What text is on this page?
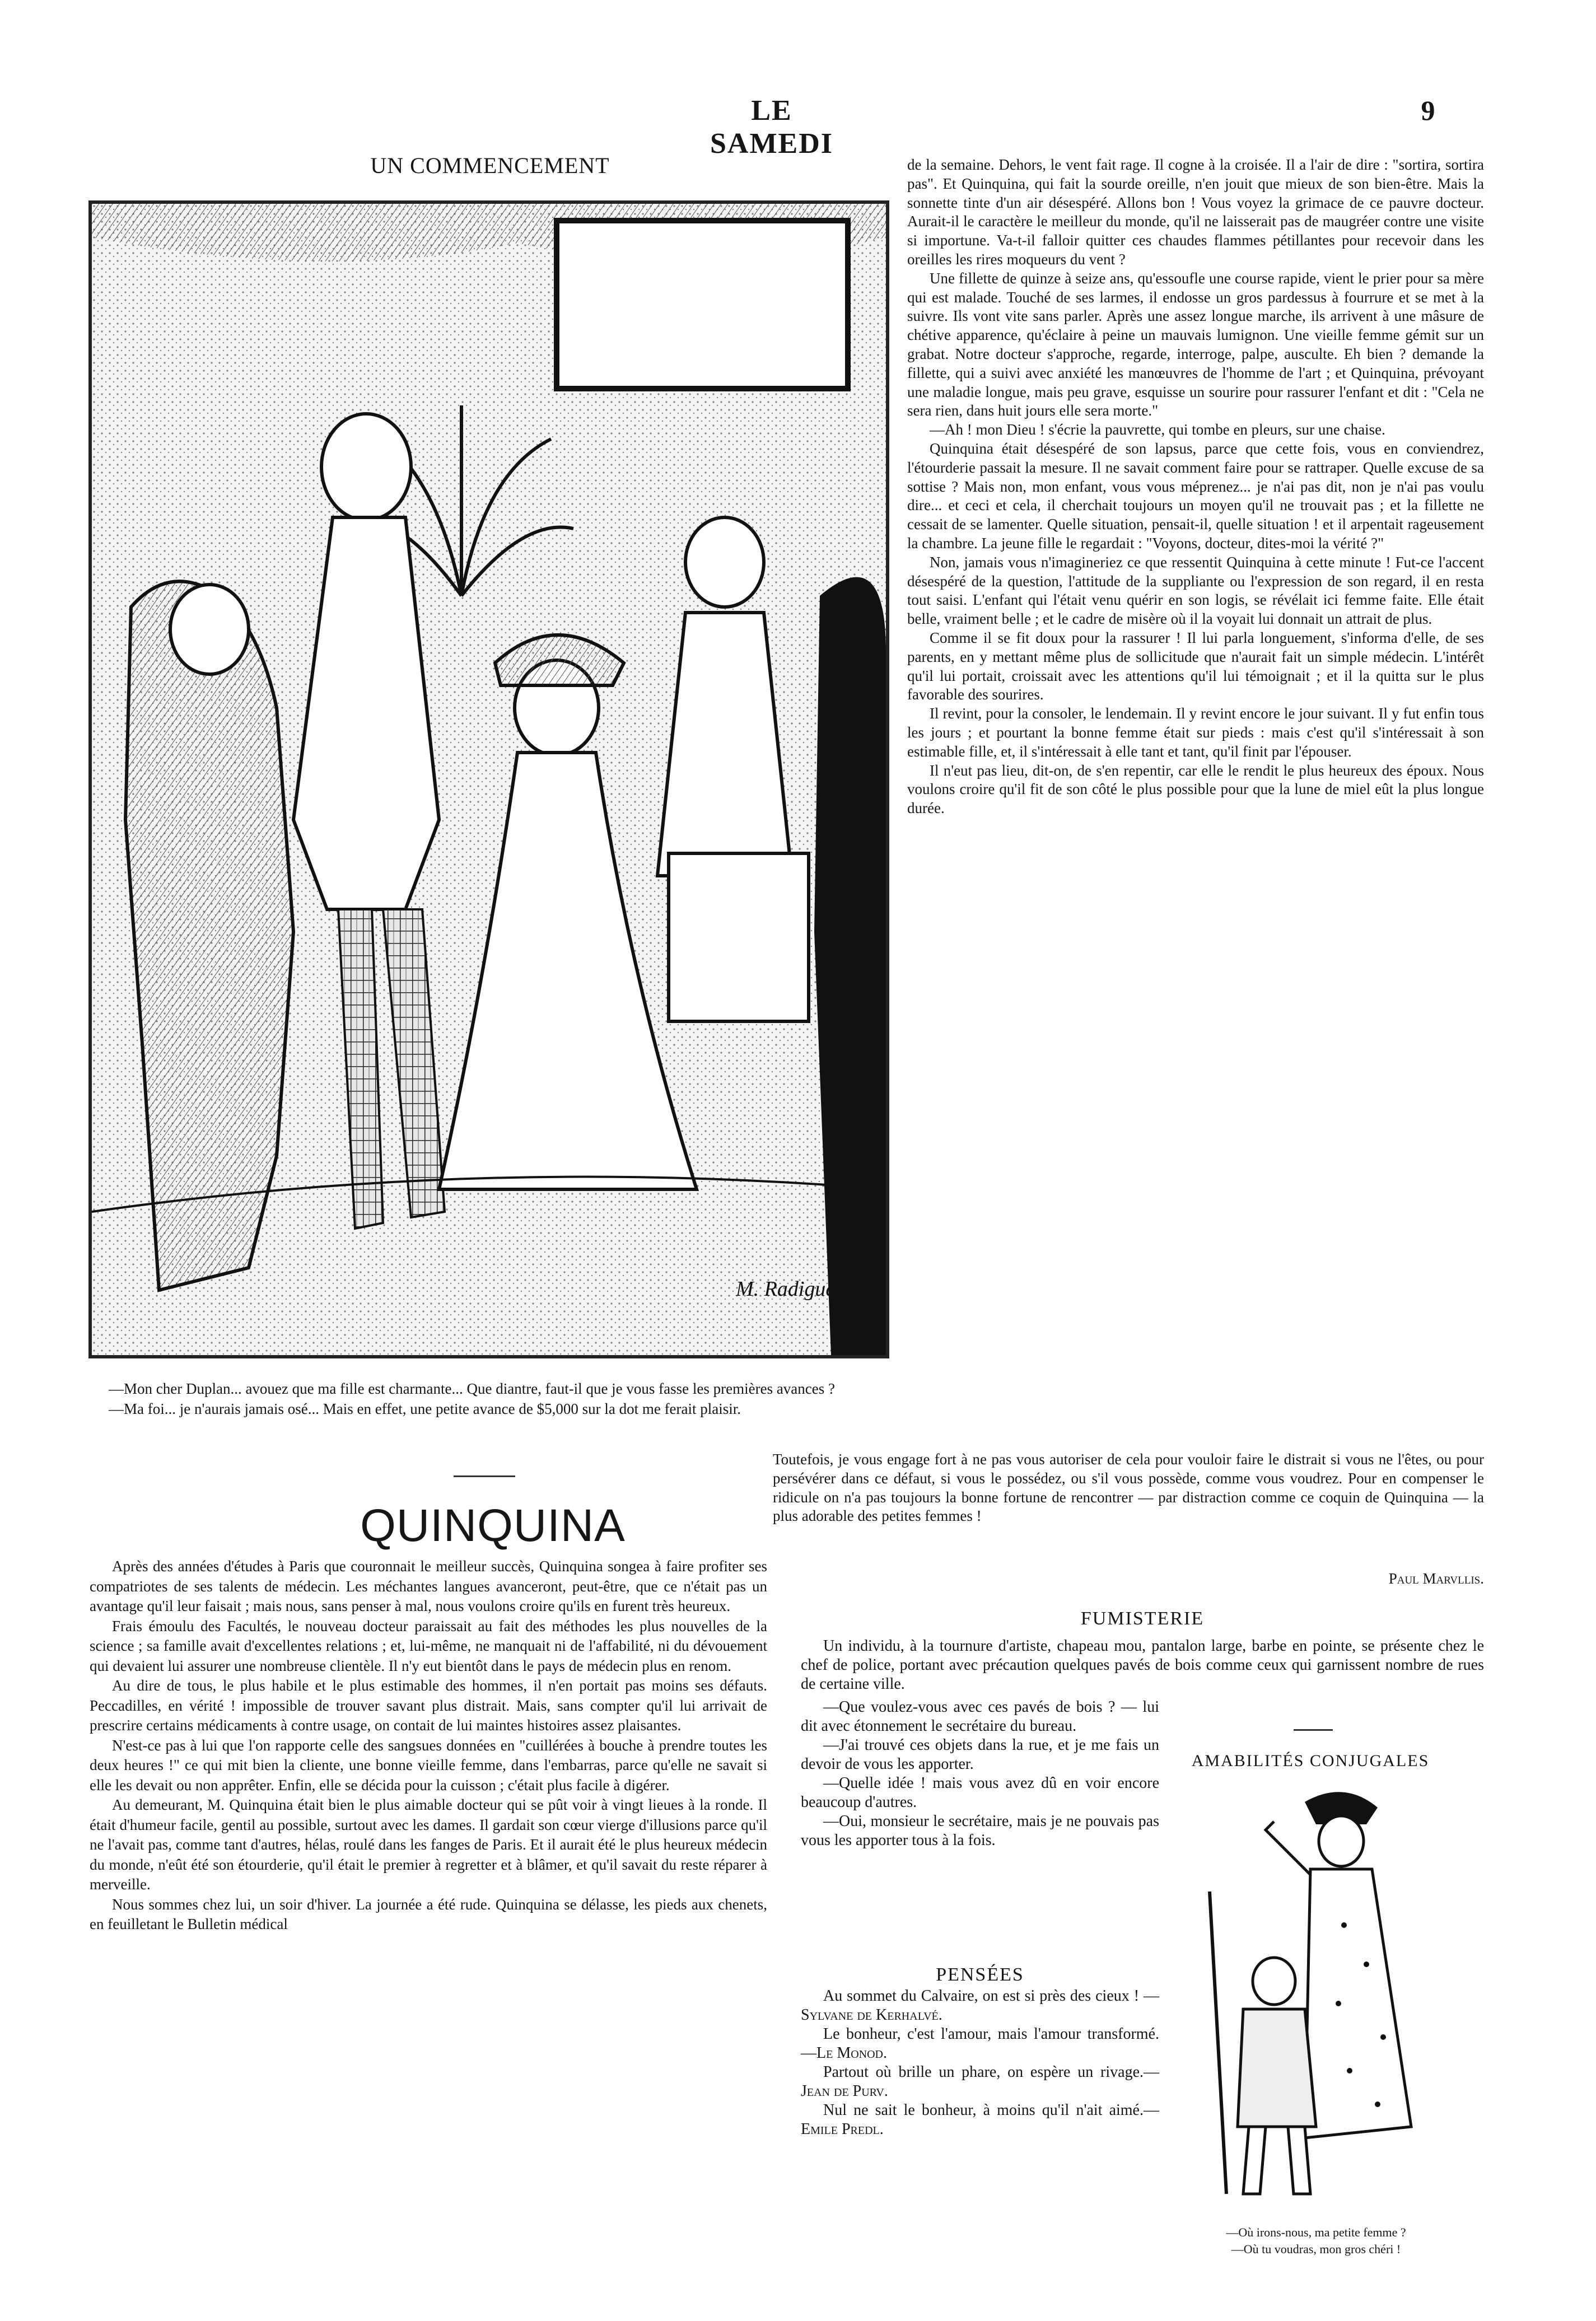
LE SAMEDI
9
UN COMMENCEMENT
M. Radiguet

—Mon cher Duplan... avouez que ma fille est charmante... Que diantre, faut-il que je vous fasse les premières avances ?

—Ma foi... je n'aurais jamais osé... Mais en effet, une petite avance de $5,000 sur la dot me ferait plaisir.

QUINQUINA

Après des années d'études à Paris que couronnait le meilleur succès, Quinquina songea à faire profiter ses compatriotes de ses talents de médecin. Les méchantes langues avanceront, peut-être, que ce n'était pas un avantage qu'il leur faisait ; mais nous, sans penser à mal, nous voulons croire qu'ils en furent très heureux.

Frais émoulu des Facultés, le nouveau docteur paraissait au fait des méthodes les plus nouvelles de la science ; sa famille avait d'excellentes relations ; et, lui-même, ne manquait ni de l'affabilité, ni du dévouement qui devaient lui assurer une nombreuse clientèle. Il n'y eut bientôt dans le pays de médecin plus en renom.

Au dire de tous, le plus habile et le plus estimable des hommes, il n'en portait pas moins ses défauts. Peccadilles, en vérité ! impossible de trouver savant plus distrait. Mais, sans compter qu'il lui arrivait de prescrire certains médicaments à contre usage, on contait de lui maintes histoires assez plaisantes.

N'est-ce pas à lui que l'on rapporte celle des sangsues données en "cuillérées à bouche à prendre toutes les deux heures !" ce qui mit bien la cliente, une bonne vieille femme, dans l'embarras, parce qu'elle ne savait si elle les devait ou non apprêter. Enfin, elle se décida pour la cuisson ; c'était plus facile à digérer.

Au demeurant, M. Quinquina était bien le plus aimable docteur qui se pût voir à vingt lieues à la ronde. Il était d'humeur facile, gentil au possible, surtout avec les dames. Il gardait son cœur vierge d'illusions parce qu'il ne l'avait pas, comme tant d'autres, hélas, roulé dans les fanges de Paris. Et il aurait été le plus heureux médecin du monde, n'eût été son étourderie, qu'il était le premier à regretter et à blâmer, et qu'il savait du reste réparer à merveille.

Nous sommes chez lui, un soir d'hiver. La journée a été rude. Quinquina se délasse, les pieds aux chenets, en feuilletant le Bulletin médical

de la semaine. Dehors, le vent fait rage. Il cogne à la croisée. Il a l'air de dire : "sortira, sortira pas". Et Quinquina, qui fait la sourde oreille, n'en jouit que mieux de son bien-être. Mais la sonnette tinte d'un air désespéré. Allons bon ! Vous voyez la grimace de ce pauvre docteur. Aurait-il le caractère le meilleur du monde, qu'il ne laisserait pas de maugréer contre une visite si importune. Va-t-il falloir quitter ces chaudes flammes pétillantes pour recevoir dans les oreilles les rires moqueurs du vent ?

Une fillette de quinze à seize ans, qu'essoufle une course rapide, vient le prier pour sa mère qui est malade. Touché de ses larmes, il endosse un gros pardessus à fourrure et se met à la suivre. Ils vont vite sans parler. Après une assez longue marche, ils arrivent à une mâsure de chétive apparence, qu'éclaire à peine un mauvais lumignon. Une vieille femme gémit sur un grabat. Notre docteur s'approche, regarde, interroge, palpe, ausculte. Eh bien ? demande la fillette, qui a suivi avec anxiété les manœuvres de l'homme de l'art ; et Quinquina, prévoyant une maladie longue, mais peu grave, esquisse un sourire pour rassurer l'enfant et dit : "Cela ne sera rien, dans huit jours elle sera morte."

—Ah ! mon Dieu ! s'écrie la pauvrette, qui tombe en pleurs, sur une chaise.

Quinquina était désespéré de son lapsus, parce que cette fois, vous en conviendrez, l'étourderie passait la mesure. Il ne savait comment faire pour se rattraper. Quelle excuse de sa sottise ? Mais non, mon enfant, vous vous méprenez... je n'ai pas dit, non je n'ai pas voulu dire... et ceci et cela, il cherchait toujours un moyen qu'il ne trouvait pas ; et la fillette ne cessait de se lamenter. Quelle situation, pensait-il, quelle situation ! et il arpentait rageusement la chambre. La jeune fille le regardait : "Voyons, docteur, dites-moi la vérité ?"

Non, jamais vous n'imagineriez ce que ressentit Quinquina à cette minute ! Fut-ce l'accent désespéré de la question, l'attitude de la suppliante ou l'expression de son regard, il en resta tout saisi. L'enfant qui l'était venu quérir en son logis, se révélait ici femme faite. Elle était belle, vraiment belle ; et le cadre de misère où il la voyait lui donnait un attrait de plus.

Comme il se fit doux pour la rassurer ! Il lui parla longuement, s'informa d'elle, de ses parents, en y mettant même plus de sollicitude que n'aurait fait un simple médecin. L'intérêt qu'il lui portait, croissait avec les attentions qu'il lui témoignait ; et il la quitta sur le plus favorable des sourires.

Il revint, pour la consoler, le lendemain. Il y revint encore le jour suivant. Il y fut enfin tous les jours ; et pourtant la bonne femme était sur pieds : mais c'est qu'il s'intéressait à son estimable fille, et, il s'intéressait à elle tant et tant, qu'il finit par l'épouser.

Il n'eut pas lieu, dit-on, de s'en repentir, car elle le rendit le plus heureux des époux. Nous voulons croire qu'il fit de son côté le plus possible pour que la lune de miel eût la plus longue durée.

Toutefois, je vous engage fort à ne pas vous autoriser de cela pour vouloir faire le distrait si vous ne l'êtes, ou pour persévérer dans ce défaut, si vous le possédez, ou s'il vous possède, comme vous voudrez. Pour en compenser le ridicule on n'a pas toujours la bonne fortune de rencontrer — par distraction comme ce coquin de Quinquina — la plus adorable des petites femmes !

Paul Marvllis.
FUMISTERIE

Un individu, à la tournure d'artiste, chapeau mou, pantalon large, barbe en pointe, se présente chez le chef de police, portant avec précaution quelques pavés de bois comme ceux qui garnissent nombre de rues de certaine ville.

—Que voulez-vous avec ces pavés de bois ? — lui dit avec étonnement le secrétaire du bureau.

—J'ai trouvé ces objets dans la rue, et je me fais un devoir de vous les apporter.

—Quelle idée ! mais vous avez dû en voir encore beaucoup d'autres.

—Oui, monsieur le secrétaire, mais je ne pouvais pas vous les apporter tous à la fois.

PENSÉES

Au sommet du Calvaire, on est si près des cieux ! — Sylvane de Kerhalvé.

Le bonheur, c'est l'amour, mais l'amour transformé.—Le Monod.

Partout où brille un phare, on espère un rivage.—Jean de Purv.

Nul ne sait le bonheur, à moins qu'il n'ait aimé.—Emile Predl.

AMABILITÉS CONJUGALES
—Où irons-nous, ma petite femme ?
—Où tu voudras, mon gros chéri !
